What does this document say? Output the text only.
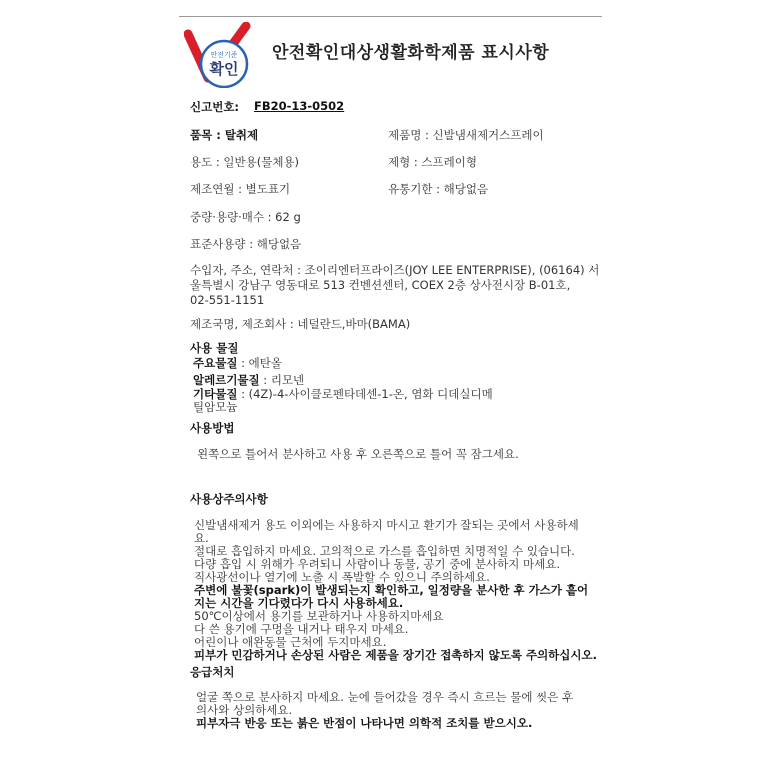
안전기준
확인
안전확인대상생활화학제품 표시사항
신고번호: FB20-13-0502
품목 : 탈취제	제품명 : 신발냄새제거스프레이
용도 : 일반용(물체용)	제형 : 스프레이형
제조연월 : 별도표기	유통기한 : 해당없음
중량·용량·매수 : 62 g
표준사용량 : 해당없음
수입자, 주소, 연락처 : 조이리엔터프라이즈(JOY LEE ENTERPRISE), (06164) 서
울특별시 강남구 영동대로 513 컨벤션센터, COEX 2층 상사전시장 B-01호,
02-551-1151
제조국명, 제조회사 : 네덜란드,바마(BAMA)
사용 물질
주요물질 : 에탄올
알레르기물질 : 리모넨
기타물질 : (4Z)-4-사이클로펜타데센-1-온, 염화 디데실디메
틸암모늄
사용방법
왼쪽으로 틀어서 분사하고 사용 후 오른쪽으로 틀어 꼭 잠그세요.
사용상주의사항
신발냄새제거 용도 이외에는 사용하지 마시고 환기가 잘되는 곳에서 사용하세
요.
절대로 흡입하지 마세요. 고의적으로 가스를 흡입하면 치명적일 수 있습니다.
다량 흡입 시 위해가 우려되니 사람이나 동물, 공기 중에 분사하지 마세요.
직사광선이나 열기에 노출 시 폭발할 수 있으니 주의하세요.
주변에 불꽃(spark)이 발생되는지 확인하고, 일정량을 분사한 후 가스가 흩어
지는 시간을 기다렸다가 다시 사용하세요.
50℃이상에서 용기를 보관하거나 사용하지마세요
다 쓴 용기에 구멍을 내거나 태우지 마세요.
어린이나 애완동물 근처에 두지마세요.
피부가 민감하거나 손상된 사람은 제품을 장기간 접촉하지 않도록 주의하십시오.
응급처치
얼굴 쪽으로 분사하지 마세요. 눈에 들어갔을 경우 즉시 흐르는 물에 씻은 후
의사와 상의하세요.
피부자극 반응 또는 붉은 반점이 나타나면 의학적 조치를 받으시오.
